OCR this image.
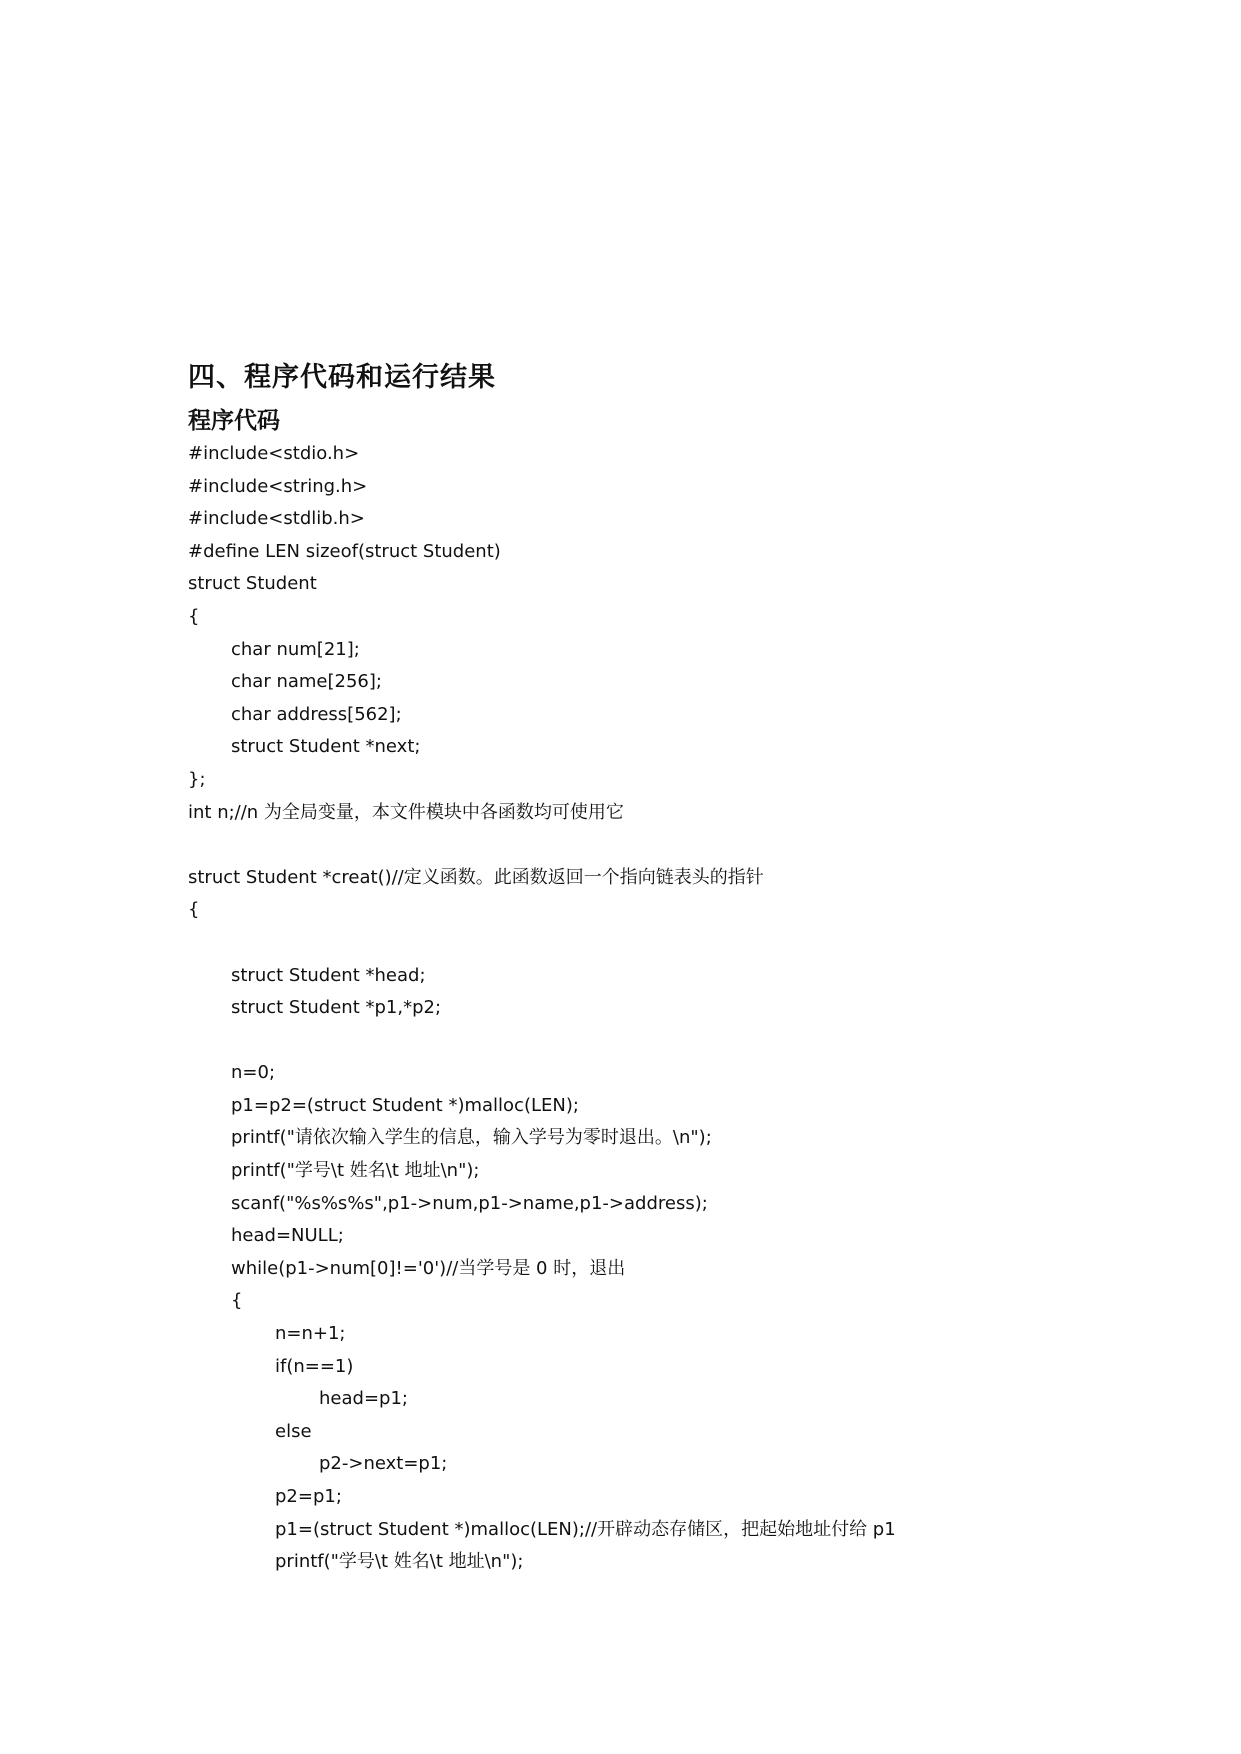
四、程序代码和运行结果
程序代码
#include<stdio.h>
#include<string.h>
#include<stdlib.h>
#define LEN sizeof(struct Student)
struct Student
{
char num[21];
char name[256];
char address[562];
struct Student *next;
};
int n;//n 为全局变量，本文件模块中各函数均可使用它
struct Student *creat()//定义函数。此函数返回一个指向链表头的指针
{
struct Student *head;
struct Student *p1,*p2;
n=0;
p1=p2=(struct Student *)malloc(LEN);
printf("请依次输入学生的信息，输入学号为零时退出。\n");
printf("学号\t 姓名\t 地址\n");
scanf("%s%s%s",p1->num,p1->name,p1->address);
head=NULL;
while(p1->num[0]!='0')//当学号是 0 时，退出
{
n=n+1;
if(n==1)
head=p1;
else
p2->next=p1;
p2=p1;
p1=(struct Student *)malloc(LEN);//开辟动态存储区，把起始地址付给 p1
printf("学号\t 姓名\t 地址\n");
